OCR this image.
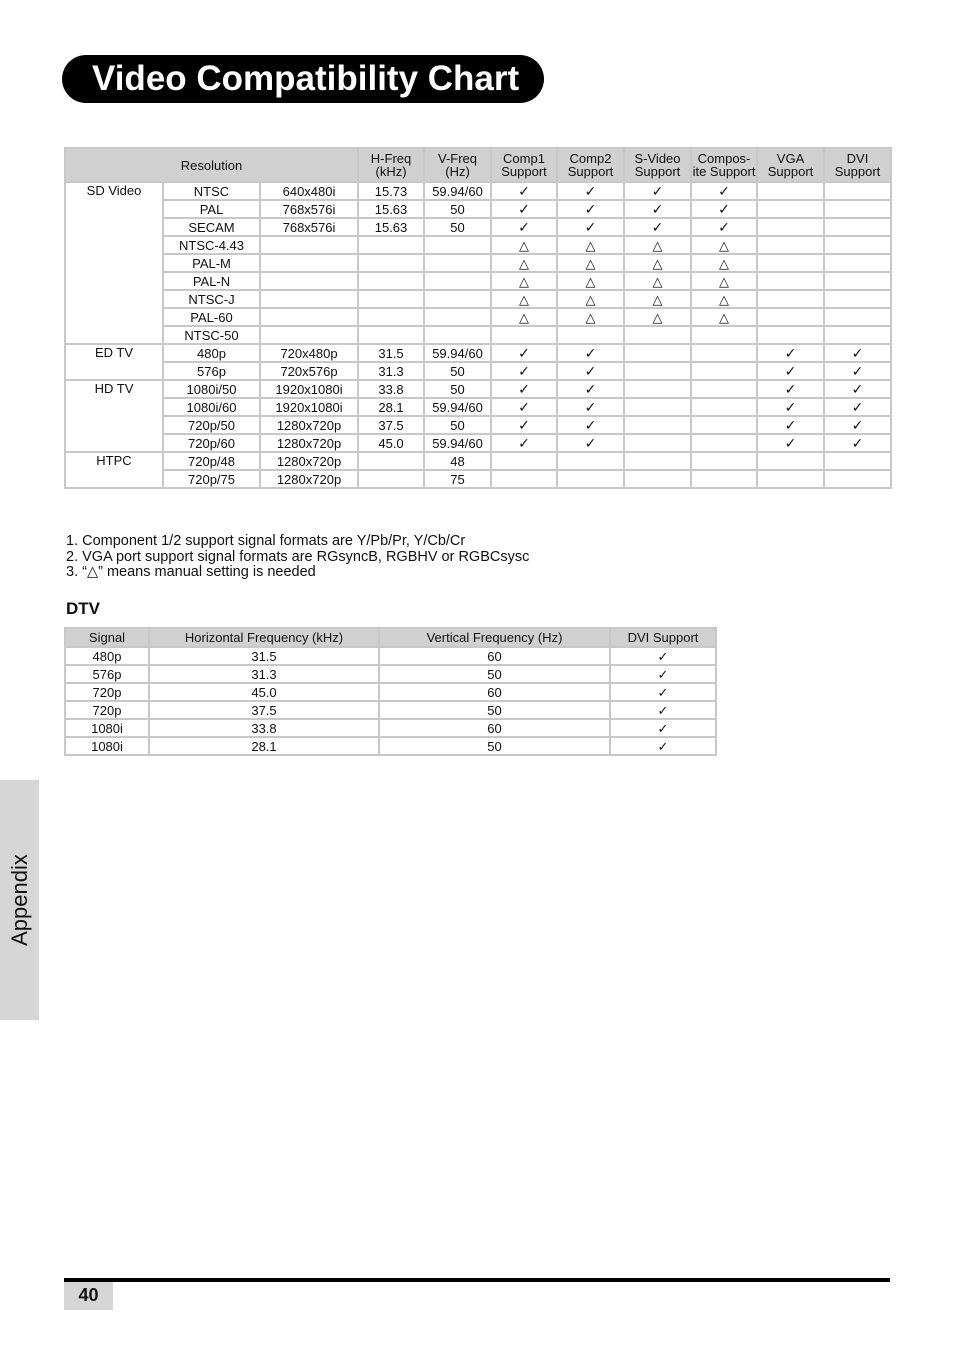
Video Compatibility Chart
Resolution			H-Freq (kHz)	V-Freq (Hz)	Comp1 Support	Comp2 Support	S-Video Support	Compos-ite Support	VGA Support	DVI Support
SD Video	NTSC	640x480i	15.73	59.94/60	✓	✓	✓	✓		
	PAL	768x576i	15.63	50	✓	✓	✓	✓		
	SECAM	768x576i	15.63	50	✓	✓	✓	✓		
	NTSC-4.43				△	△	△	△		
	PAL-M				△	△	△	△		
	PAL-N				△	△	△	△		
	NTSC-J				△	△	△	△		
	PAL-60				△	△	△	△		
	NTSC-50									
ED TV	480p	720x480p	31.5	59.94/60	✓	✓			✓	✓
	576p	720x576p	31.3	50	✓	✓			✓	✓
HD TV	1080i/50	1920x1080i	33.8	50	✓	✓			✓	✓
	1080i/60	1920x1080i	28.1	59.94/60	✓	✓			✓	✓
	720p/50	1280x720p	37.5	50	✓	✓			✓	✓
	720p/60	1280x720p	45.0	59.94/60	✓	✓			✓	✓
HTPC	720p/48	1280x720p		48						
	720p/75	1280x720p		75						
1. Component 1/2 support signal formats are Y/Pb/Pr, Y/Cb/Cr
2. VGA port support signal formats are RGsyncB, RGBHV or RGBCsysc
3. “△” means manual setting is needed
DTV
Signal	Horizontal Frequency (kHz)	Vertical Frequency (Hz)	DVI Support
480p	31.5	60	✓
576p	31.3	50	✓
720p	45.0	60	✓
720p	37.5	50	✓
1080i	33.8	60	✓
1080i	28.1	50	✓
Appendix
40
